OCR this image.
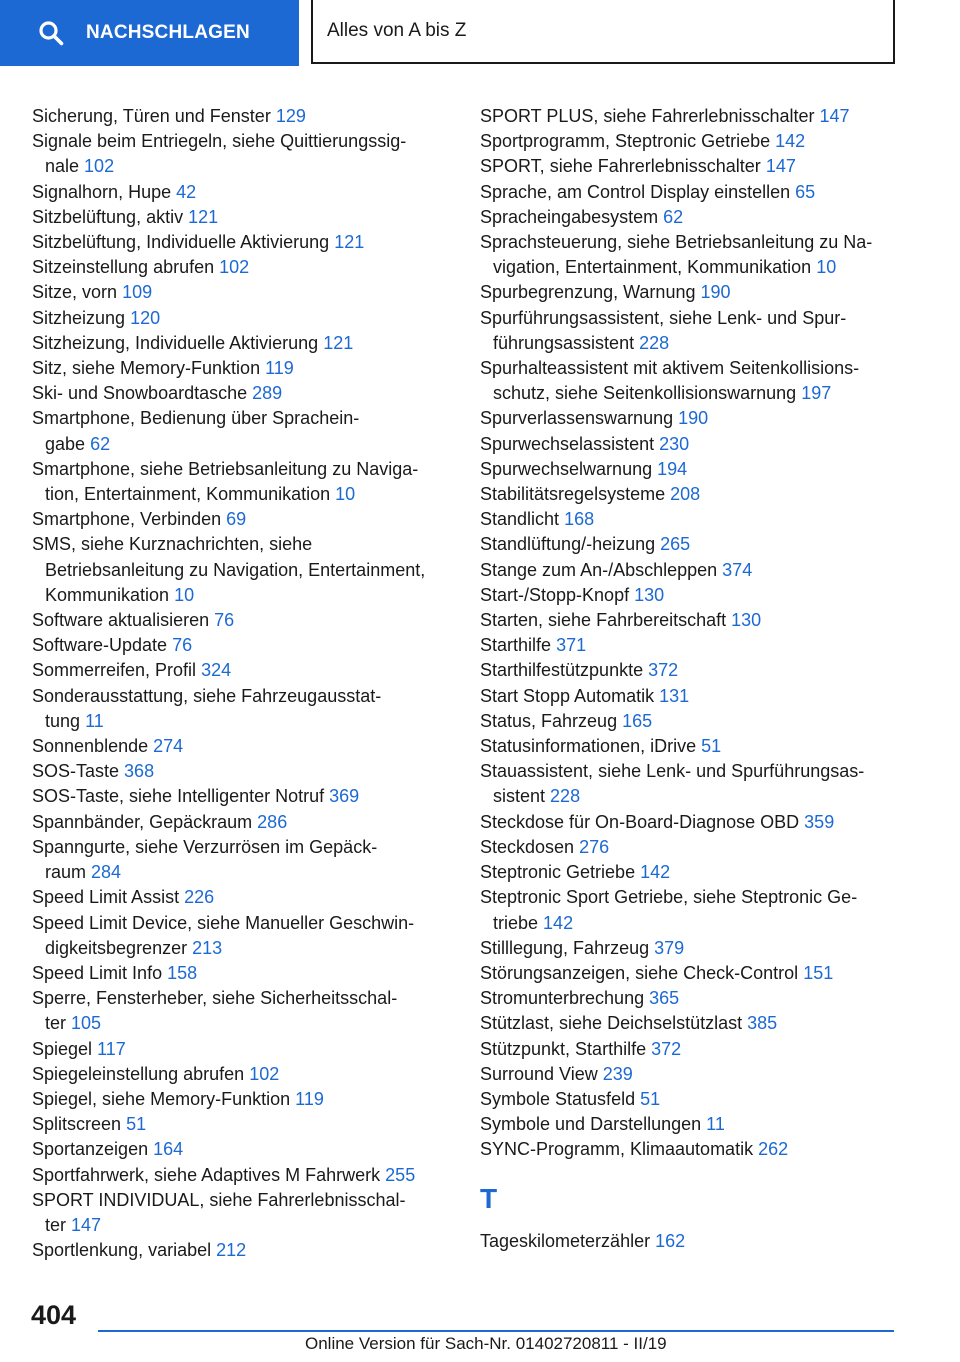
NACHSCHLAGEN	Alles von A bis Z
Sicherung, Türen und Fenster 129
Signale beim Entriegeln, siehe Quittierungssig-
nale 102
Signalhorn, Hupe 42
Sitzbelüftung, aktiv 121
Sitzbelüftung, Individuelle Aktivierung 121
Sitzeinstellung abrufen 102
Sitze, vorn 109
Sitzheizung 120
Sitzheizung, Individuelle Aktivierung 121
Sitz, siehe Memory-Funktion 119
Ski- und Snowboardtasche 289
Smartphone, Bedienung über Sprachein-
gabe 62
Smartphone, siehe Betriebsanleitung zu Naviga-
tion, Entertainment, Kommunikation 10
Smartphone, Verbinden 69
SMS, siehe Kurznachrichten, siehe
Betriebsanleitung zu Navigation, Entertainment,
Kommunikation 10
Software aktualisieren 76
Software-Update 76
Sommerreifen, Profil 324
Sonderausstattung, siehe Fahrzeugausstat-
tung 11
Sonnenblende 274
SOS-Taste 368
SOS-Taste, siehe Intelligenter Notruf 369
Spannbänder, Gepäckraum 286
Spanngurte, siehe Verzurrösen im Gepäck-
raum 284
Speed Limit Assist 226
Speed Limit Device, siehe Manueller Geschwin-
digkeitsbegrenzer 213
Speed Limit Info 158
Sperre, Fensterheber, siehe Sicherheitsschal-
ter 105
Spiegel 117
Spiegeleinstellung abrufen 102
Spiegel, siehe Memory-Funktion 119
Splitscreen 51
Sportanzeigen 164
Sportfahrwerk, siehe Adaptives M Fahrwerk 255
SPORT INDIVIDUAL, siehe Fahrerlebnisschal-
ter 147
Sportlenkung, variabel 212
SPORT PLUS, siehe Fahrerlebnisschalter 147
Sportprogramm, Steptronic Getriebe 142
SPORT, siehe Fahrerlebnisschalter 147
Sprache, am Control Display einstellen 65
Spracheingabesystem 62
Sprachsteuerung, siehe Betriebsanleitung zu Na-
vigation, Entertainment, Kommunikation 10
Spurbegrenzung, Warnung 190
Spurführungsassistent, siehe Lenk- und Spur-
führungsassistent 228
Spurhalteassistent mit aktivem Seitenkollisions-
schutz, siehe Seitenkollisionswarnung 197
Spurverlassenswarnung 190
Spurwechselassistent 230
Spurwechselwarnung 194
Stabilitätsregelsysteme 208
Standlicht 168
Standlüftung/-heizung 265
Stange zum An-/Abschleppen 374
Start-/Stopp-Knopf 130
Starten, siehe Fahrbereitschaft 130
Starthilfe 371
Starthilfestützpunkte 372
Start Stopp Automatik 131
Status, Fahrzeug 165
Statusinformationen, iDrive 51
Stauassistent, siehe Lenk- und Spurführungsas-
sistent 228
Steckdose für On-Board-Diagnose OBD 359
Steckdosen 276
Steptronic Getriebe 142
Steptronic Sport Getriebe, siehe Steptronic Ge-
triebe 142
Stilllegung, Fahrzeug 379
Störungsanzeigen, siehe Check-Control 151
Stromunterbrechung 365
Stützlast, siehe Deichselstützlast 385
Stützpunkt, Starthilfe 372
Surround View 239
Symbole Statusfeld 51
Symbole und Darstellungen 11
SYNC-Programm, Klimaautomatik 262
T
Tageskilometerzähler 162
404
Online Version für Sach-Nr. 01402720811 - II/19
